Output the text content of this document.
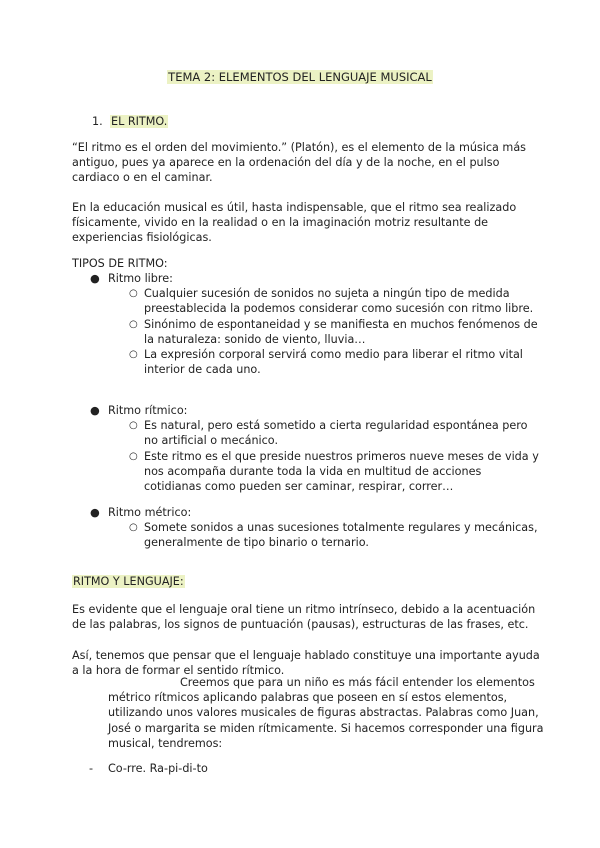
TEMA 2: ELEMENTOS DEL LENGUAJE MUSICAL
1. EL RITMO.

“El ritmo es el orden del movimiento.” (Platón), es el elemento de la música más antiguo, pues ya aparece en la ordenación del día y de la noche, en el pulso cardiaco o en el caminar.

En la educación musical es útil, hasta indispensable, que el ritmo sea realizado físicamente, vivido en la realidad o en la imaginación motriz resultante de experiencias fisiológicas.

TIPOS DE RITMO:

● Ritmo libre:
○ Cualquier sucesión de sonidos no sujeta a ningún tipo de medida preestablecida la podemos considerar como sucesión con ritmo libre.
○ Sinónimo de espontaneidad y se manifiesta en muchos fenómenos de la naturaleza: sonido de viento, lluvia…
○ La expresión corporal servirá como medio para liberar el ritmo vital interior de cada uno.
● Ritmo rítmico:
○ Es natural, pero está sometido a cierta regularidad espontánea pero no artificial o mecánico.
○ Este ritmo es el que preside nuestros primeros nueve meses de vida y nos acompaña durante toda la vida en multitud de acciones cotidianas como pueden ser caminar, respirar, correr…
● Ritmo métrico:
○ Somete sonidos a unas sucesiones totalmente regulares y mecánicas, generalmente de tipo binario o ternario.

RITMO Y LENGUAJE:

Es evidente que el lenguaje oral tiene un ritmo intrínseco, debido a la acentuación de las palabras, los signos de puntuación (pausas), estructuras de las frases, etc.

Así, tenemos que pensar que el lenguaje hablado constituye una importante ayuda a la hora de formar el sentido rítmico.

Creemos que para un niño es más fácil entender los elementos métrico rítmicos aplicando palabras que poseen en sí estos elementos, utilizando unos valores musicales de figuras abstractas. Palabras como Juan, José o margarita se miden rítmicamente. Si hacemos corresponder una figura musical, tendremos:

- Co-rre. Ra-pi-di-to
